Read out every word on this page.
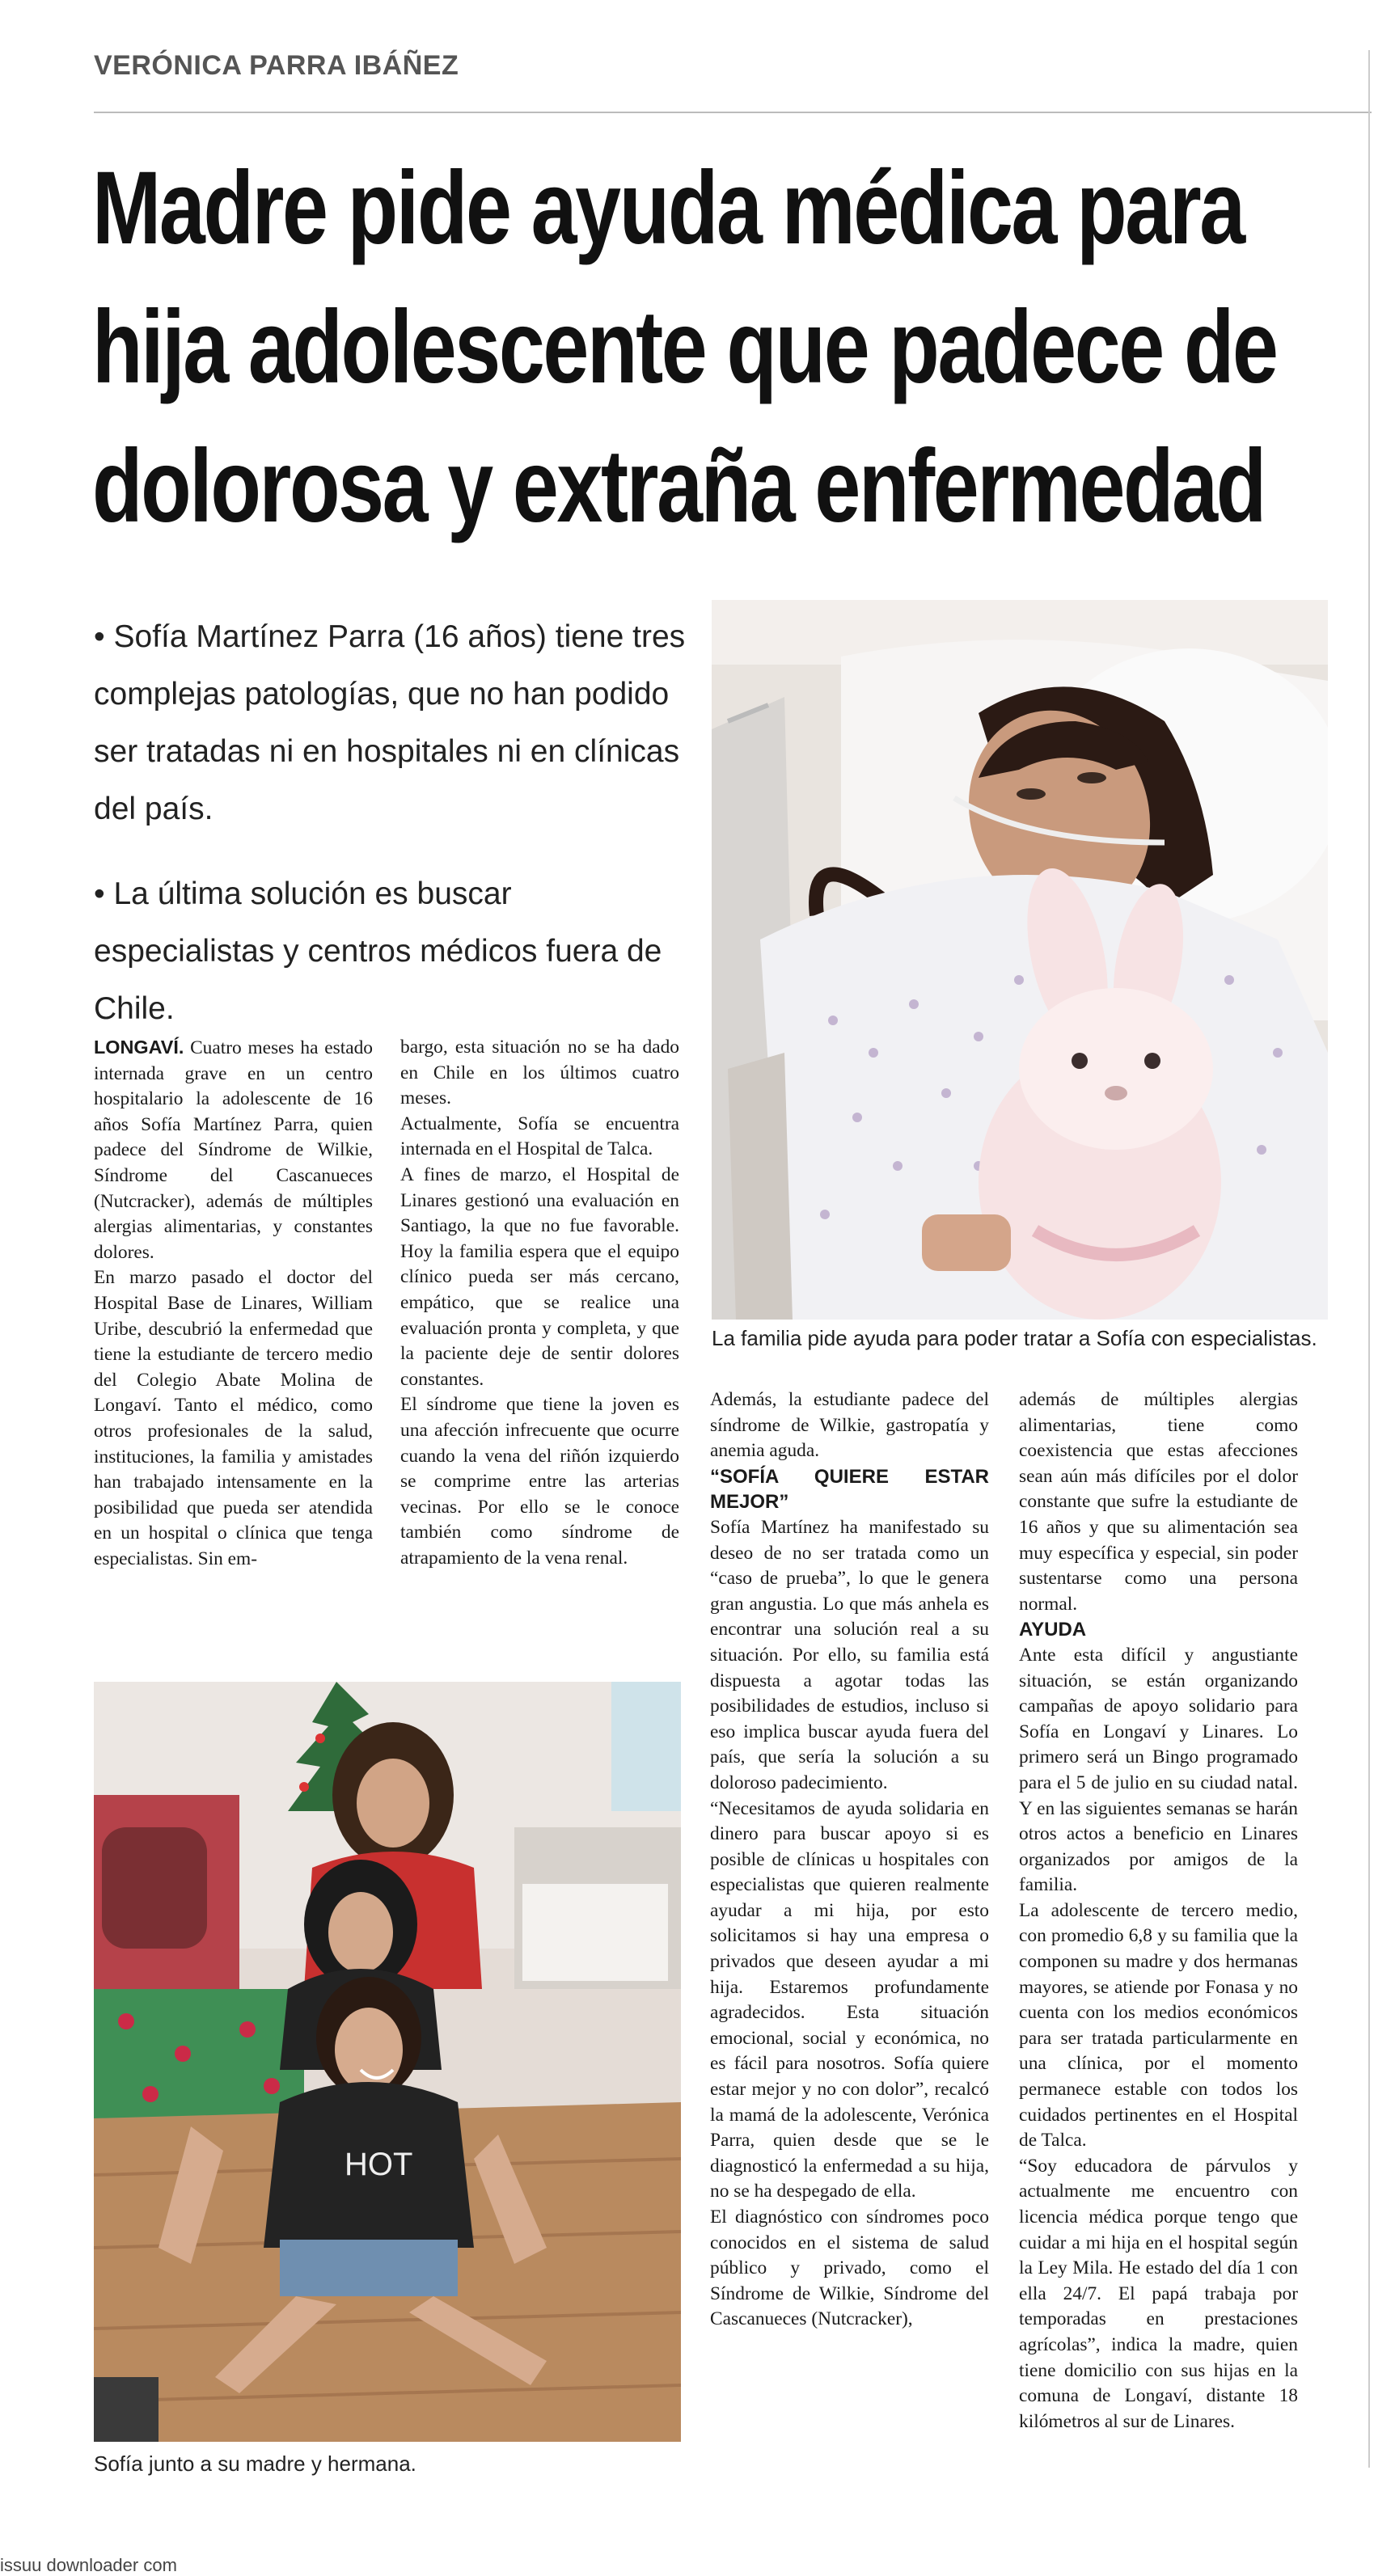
VERÓNICA PARRA IBÁÑEZ
Madre pide ayuda médica para
hija adolescente que padece de
dolorosa y extraña enfermedad
• Sofía Martínez Parra (16 años) tiene tres complejas patologías, que no han podido ser tratadas ni en hospitales ni en clínicas del país.
• La última solución es buscar especialistas y centros médicos fuera de Chile.
La familia pide ayuda para poder tratar a Sofía con especialistas.

LONGAVÍ. Cuatro meses ha estado internada grave en un centro hospitalario la adolescente de 16 años Sofía Martínez Parra, quien padece del Síndrome de Wilkie, Síndrome del Cascanueces (Nutcracker), además de múltiples alergias alimentarias, y constantes dolores.

En marzo pasado el doctor del Hospital Base de Linares, William Uribe, descubrió la enfermedad que tiene la estudiante de tercero medio del Colegio Abate Molina de Longaví. Tanto el médico, como otros profesionales de la salud, instituciones, la familia y amistades han trabajado intensamente en la posibilidad que pueda ser atendida en un hospital o clínica que tenga especialistas. Sin em-

bargo, esta situación no se ha dado en Chile en los últimos cuatro meses.

Actualmente, Sofía se encuentra internada en el Hospital de Talca.

A fines de marzo, el Hospital de Linares gestionó una evaluación en Santiago, la que no fue favorable. Hoy la familia espera que el equipo clínico pueda ser más cercano, empático, que se realice una evaluación pronta y completa, y que la paciente deje de sentir dolores constantes.

El síndrome que tiene la joven es una afección infrecuente que ocurre cuando la vena del riñón izquierdo se comprime entre las arterias vecinas. Por ello se le conoce también como síndrome de atrapamiento de la vena renal.

Además, la estudiante padece del síndrome de Wilkie, gastropatía y anemia aguda.

“SOFÍA QUIERE ESTAR MEJOR”

Sofía Martínez ha manifestado su deseo de no ser tratada como un “caso de prueba”, lo que le genera gran angustia. Lo que más anhela es encontrar una solución real a su situación. Por ello, su familia está dispuesta a agotar todas las posibilidades de estudios, incluso si eso implica buscar ayuda fuera del país, que sería la solución a su doloroso padecimiento.

“Necesitamos de ayuda solidaria en dinero para buscar apoyo si es posible de clínicas u hospitales con especialistas que quieren realmente ayudar a mi hija, por esto solicitamos si hay una empresa o privados que deseen ayudar a mi hija. Estaremos profundamente agradecidos. Esta situación emocional, social y económica, no es fácil para nosotros. Sofía quiere estar mejor y no con dolor”, recalcó la mamá de la adolescente, Verónica Parra, quien desde que se le diagnosticó la enfermedad a su hija, no se ha despegado de ella.

El diagnóstico con síndromes poco conocidos en el sistema de salud público y privado, como el Síndrome de Wilkie, Síndrome del Cascanueces (Nutcracker),

además de múltiples alergias alimentarias, tiene como coexistencia que estas afecciones sean aún más difíciles por el dolor constante que sufre la estudiante de 16 años y que su alimentación sea muy específica y especial, sin poder sustentarse como una persona normal.

AYUDA

Ante esta difícil y angustiante situación, se están organizando campañas de apoyo solidario para Sofía en Longaví y Linares. Lo primero será un Bingo programado para el 5 de julio en su ciudad natal. Y en las siguientes semanas se harán otros actos a beneficio en Linares organizados por amigos de la familia.

La adolescente de tercero medio, con promedio 6,8 y su familia que la componen su madre y dos hermanas mayores, se atiende por Fonasa y no cuenta con los medios económicos para ser tratada particularmente en una clínica, por el momento permanece estable con todos los cuidados pertinentes en el Hospital de Talca.

“Soy educadora de párvulos y actualmente me encuentro con licencia médica porque tengo que cuidar a mi hija en el hospital según la Ley Mila. He estado del día 1 con ella 24/7. El papá trabaja por temporadas en prestaciones agrícolas”, indica la madre, quien tiene domicilio con sus hijas en la comuna de Longaví, distante 18 kilómetros al sur de Linares.

HOT
Sofía junto a su madre y hermana.
issuu downloader com
